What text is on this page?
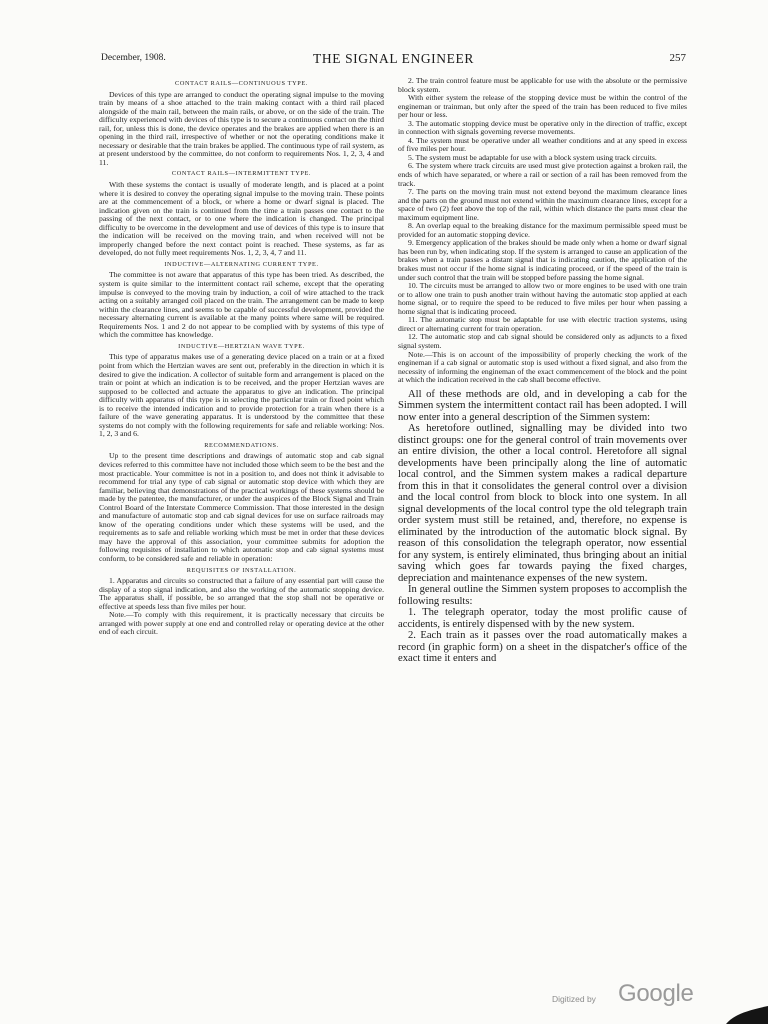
December, 1908.	THE SIGNAL ENGINEER	257
CONTACT RAILS—CONTINUOUS TYPE.

Devices of this type are arranged to conduct the operating signal impulse to the moving train by means of a shoe attached to the train making contact with a third rail placed alongside of the main rail, between the main rails, or above, or on the side of the train. The difficulty experienced with devices of this type is to secure a continuous contact on the third rail, for, unless this is done, the device operates and the brakes are applied when there is an opening in the third rail, irrespective of whether or not the operating conditions make it necessary or desirable that the train brakes be applied. The continuous type of rail system, as at present understood by the committee, do not conform to requirements Nos. 1, 2, 3, 4 and 11.

CONTACT RAILS—INTERMITTENT TYPE.

With these systems the contact is usually of moderate length, and is placed at a point where it is desired to convey the operating signal impulse to the moving train. These points are at the commencement of a block, or where a home or dwarf signal is placed. The indication given on the train is continued from the time a train passes one contact to the passing of the next contact, or to one where the indication is changed. The principal difficulty to be overcome in the development and use of devices of this type is to insure that the indication will be received on the moving train, and when received will not be improperly changed before the next contact point is reached. These systems, as far as developed, do not fully meet requirements Nos. 1, 2, 3, 4, 7 and 11.

INDUCTIVE—ALTERNATING CURRENT TYPE.

The committee is not aware that apparatus of this type has been tried. As described, the system is quite similar to the intermittent contact rail scheme, except that the operating impulse is conveyed to the moving train by induction, a coil of wire attached to the track acting on a suitably arranged coil placed on the train. The arrangement can be made to keep within the clearance lines, and seems to be capable of successful development, provided the necessary alternating current is available at the many points where same will be required. Requirements Nos. 1 and 2 do not appear to be complied with by systems of this type of which the committee has knowledge.

INDUCTIVE—HERTZIAN WAVE TYPE.

This type of apparatus makes use of a generating device placed on a train or at a fixed point from which the Hertzian waves are sent out, preferably in the direction in which it is desired to give the indication. A collector of suitable form and arrangement is placed on the train or point at which an indication is to be received, and the proper Hertzian waves are supposed to be collected and actuate the apparatus to give an indication. The principal difficulty with apparatus of this type is in selecting the particular train or fixed point which is to receive the intended indication and to provide protection for a train when there is a failure of the wave generating apparatus. It is understood by the committee that these systems do not comply with the following requirements for safe and reliable working: Nos. 1, 2, 3 and 6.

RECOMMENDATIONS.

Up to the present time descriptions and drawings of automatic stop and cab signal devices referred to this committee have not included those which seem to be the best and the most practicable. Your committee is not in a position to, and does not think it advisable to recommend for trial any type of cab signal or automatic stop device with which they are familiar, believing that demonstrations of the practical workings of these systems should be made by the patentee, the manufacturer, or under the auspices of the Block Signal and Train Control Board of the Interstate Commerce Commission. That those interested in the design and manufacture of automatic stop and cab signal devices for use on surface railroads may know of the operating conditions under which these systems will be used, and the requirements as to safe and reliable working which must be met in order that these devices may have the approval of this association, your committee submits for adoption the following requisites of installation to which automatic stop and cab signal systems must conform, to be considered safe and reliable in operation:

REQUISITES OF INSTALLATION.

1. Apparatus and circuits so constructed that a failure of any essential part will cause the display of a stop signal indication, and also the working of the automatic stopping device. The apparatus shall, if possible, be so arranged that the stop shall not be operative or effective at speeds less than five miles per hour.

Note.—To comply with this requirement, it is practically necessary that circuits be arranged with power supply at one end and controlled relay or operating device at the other end of each circuit.

2. The train control feature must be applicable for use with the absolute or the permissive block system.

With either system the release of the stopping device must be within the control of the engineman or trainman, but only after the speed of the train has been reduced to five miles per hour or less.

3. The automatic stopping device must be operative only in the direction of traffic, except in connection with signals governing reverse movements.

4. The system must be operative under all weather conditions and at any speed in excess of five miles per hour.

5. The system must be adaptable for use with a block system using track circuits.

6. The system where track circuits are used must give protection against a broken rail, the ends of which have separated, or where a rail or section of a rail has been removed from the track.

7. The parts on the moving train must not extend beyond the maximum clearance lines and the parts on the ground must not extend within the maximum clearance lines, except for a space of two (2) feet above the top of the rail, within which distance the parts must clear the maximum equipment line.

8. An overlap equal to the breaking distance for the maximum permissible speed must be provided for an automatic stopping device.

9. Emergency application of the brakes should be made only when a home or dwarf signal has been run by, when indicating stop. If the system is arranged to cause an application of the brakes when a train passes a distant signal that is indicating caution, the application of the brakes must not occur if the home signal is indicating proceed, or if the speed of the train is under such control that the train will be stopped before passing the home signal.

10. The circuits must be arranged to allow two or more engines to be used with one train or to allow one train to push another train without having the automatic stop applied at each home signal, or to require the speed to be reduced to five miles per hour when passing a home signal that is indicating proceed.

11. The automatic stop must be adaptable for use with electric traction systems, using direct or alternating current for train operation.

12. The automatic stop and cab signal should be considered only as adjuncts to a fixed signal system.

Note.—This is on account of the impossibility of properly checking the work of the engineman if a cab signal or automatic stop is used without a fixed signal, and also from the necessity of informing the engineman of the exact commencement of the block and the point at which the indication received in the cab shall become effective.

All of these methods are old, and in developing a cab for the Simmen system the intermittent contact rail has been adopted. I will now enter into a general description of the Simmen system:

As heretofore outlined, signalling may be divided into two distinct groups: one for the general control of train movements over an entire division, the other a local control. Heretofore all signal developments have been principally along the line of automatic local control, and the Simmen system makes a radical departure from this in that it consolidates the general control over a division and the local control from block to block into one system. In all signal developments of the local control type the old telegraph train order system must still be retained, and, therefore, no expense is eliminated by the introduction of the automatic block signal. By reason of this consolidation the telegraph operator, now essential for any system, is entirely eliminated, thus bringing about an initial saving which goes far towards paying the fixed charges, depreciation and maintenance expenses of the new system.

In general outline the Simmen system proposes to accomplish the following results:

1. The telegraph operator, today the most prolific cause of accidents, is entirely dispensed with by the new system.

2. Each train as it passes over the road automatically makes a record (in graphic form) on a sheet in the dispatcher's office of the exact time it enters and

Digitized by Google
